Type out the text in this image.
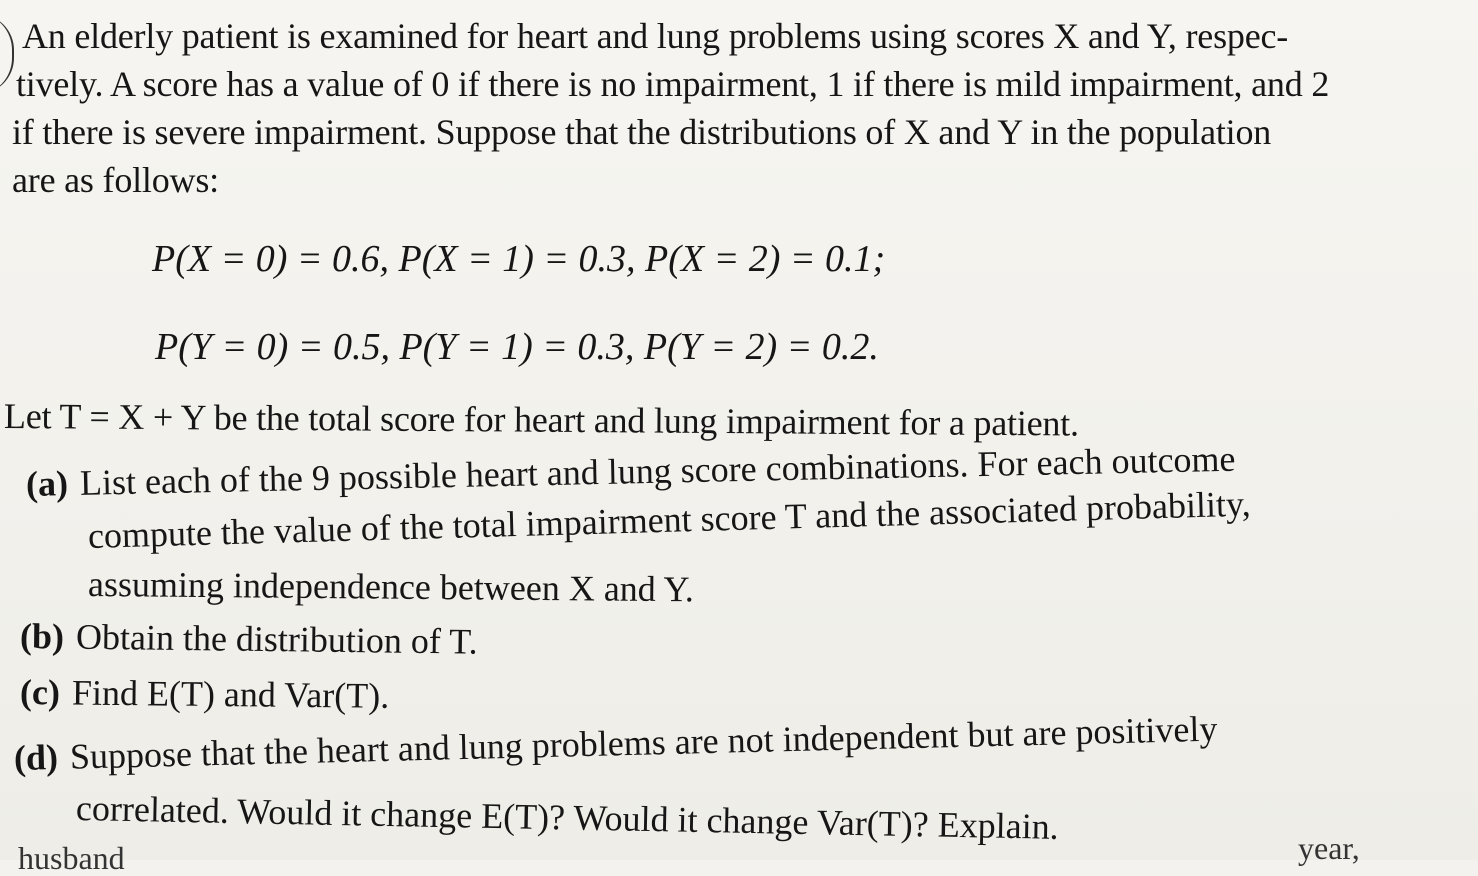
An elderly patient is examined for heart and lung problems using scores X and Y, respec-
tively. A score has a value of 0 if there is no impairment, 1 if there is mild impairment, and 2
if there is severe impairment. Suppose that the distributions of X and Y in the population
are as follows:
P(X = 0) = 0.6, P(X = 1) = 0.3, P(X = 2) = 0.1;
P(Y = 0) = 0.5, P(Y = 1) = 0.3, P(Y = 2) = 0.2.
Let T = X + Y be the total score for heart and lung impairment for a patient.
(a) List each of the 9 possible heart and lung score combinations. For each outcome
compute the value of the total impairment score T and the associated probability,
assuming independence between X and Y.
(b) Obtain the distribution of T.
(c) Find E(T) and Var(T).
(d) Suppose that the heart and lung problems are not independent but are positively
correlated. Would it change E(T)? Would it change Var(T)? Explain.
husband	year,
